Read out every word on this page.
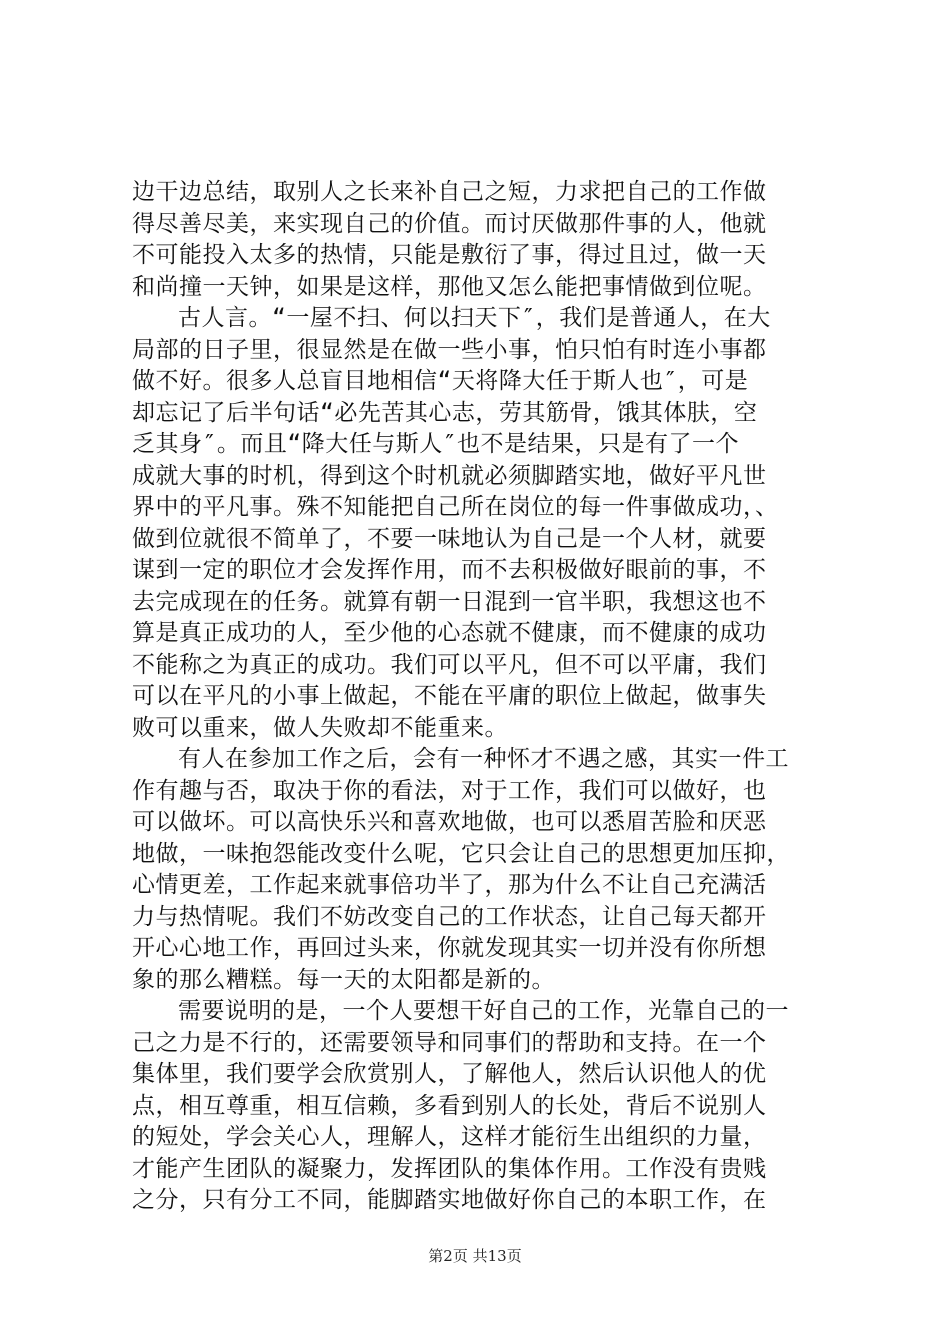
边干边总结，取别人之长来补自己之短，力求把自己的工作做
得尽善尽美，来实现自己的价值。而讨厌做那件事的人，他就
不可能投入太多的热情，只能是敷衍了事，得过且过，做一天
和尚撞一天钟，如果是这样，那他又怎么能把事情做到位呢。
古人言。“一屋不扫、何以扫天下″，我们是普通人，在大
局部的日子里，很显然是在做一些小事，怕只怕有时连小事都
做不好。很多人总盲目地相信“天将降大任于斯人也″，可是
却忘记了后半句话“必先苦其心志，劳其筋骨，饿其体肤，空
乏其身″。而且“降大任与斯人″也不是结果，只是有了一个
成就大事的时机，得到这个时机就必须脚踏实地，做好平凡世
界中的平凡事。殊不知能把自己所在岗位的每一件事做成功，、
做到位就很不简单了，不要一味地认为自己是一个人材，就要
谋到一定的职位才会发挥作用，而不去积极做好眼前的事，不
去完成现在的任务。就算有朝一日混到一官半职，我想这也不
算是真正成功的人，至少他的心态就不健康，而不健康的成功
不能称之为真正的成功。我们可以平凡，但不可以平庸，我们
可以在平凡的小事上做起，不能在平庸的职位上做起，做事失
败可以重来，做人失败却不能重来。
有人在参加工作之后，会有一种怀才不遇之感，其实一件工
作有趣与否，取决于你的看法，对于工作，我们可以做好，也
可以做坏。可以高快乐兴和喜欢地做，也可以悉眉苦脸和厌恶
地做，一味抱怨能改变什么呢，它只会让自己的思想更加压抑，
心情更差，工作起来就事倍功半了，那为什么不让自己充满活
力与热情呢。我们不妨改变自己的工作状态，让自己每天都开
开心心地工作，再回过头来，你就发现其实一切并没有你所想
象的那么糟糕。每一天的太阳都是新的。
需要说明的是，一个人要想干好自己的工作，光靠自己的一
己之力是不行的，还需要领导和同事们的帮助和支持。在一个
集体里，我们要学会欣赏别人，了解他人，然后认识他人的优
点，相互尊重，相互信赖，多看到别人的长处，背后不说别人
的短处，学会关心人，理解人，这样才能衍生出组织的力量，
才能产生团队的凝聚力，发挥团队的集体作用。工作没有贵贱
之分，只有分工不同，能脚踏实地做好你自己的本职工作，在
第2页 共13页
